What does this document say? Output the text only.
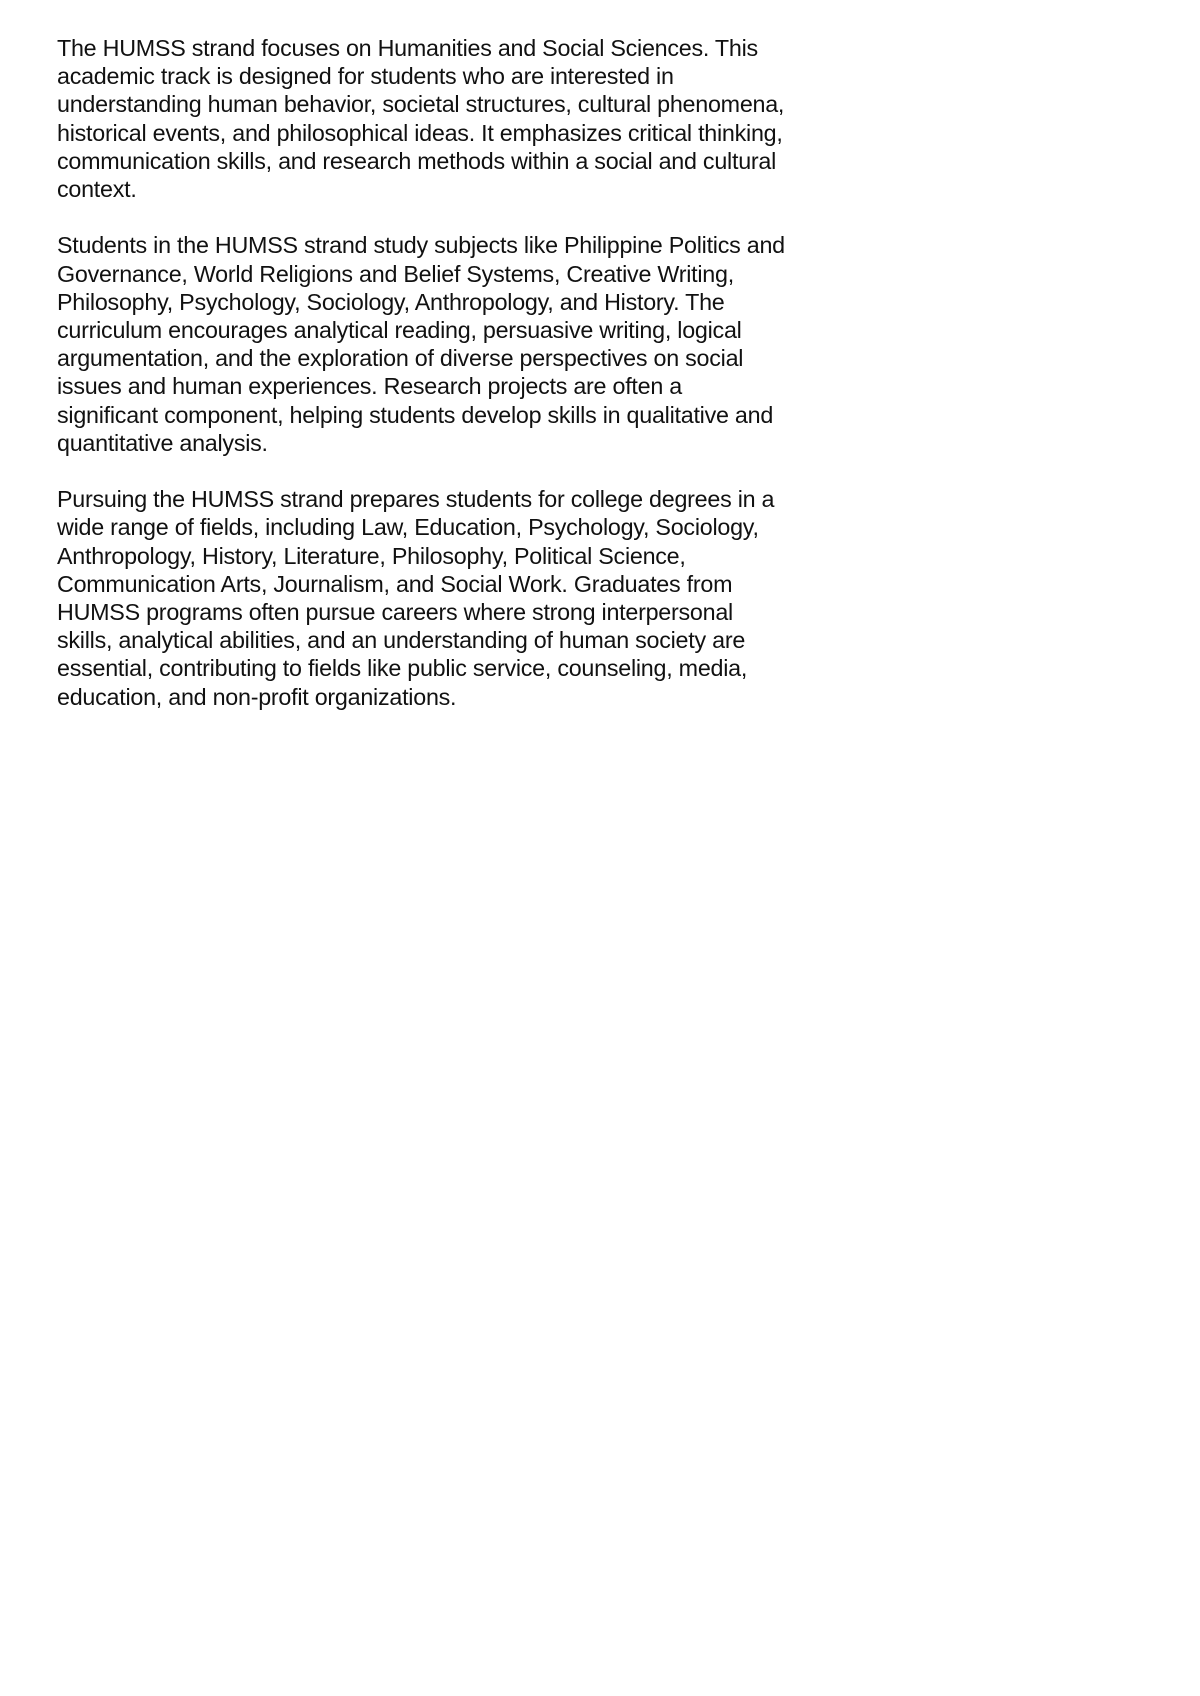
The HUMSS strand focuses on Humanities and Social Sciences. This
academic track is designed for students who are interested in
understanding human behavior, societal structures, cultural phenomena,
historical events, and philosophical ideas. It emphasizes critical thinking,
communication skills, and research methods within a social and cultural
context.

Students in the HUMSS strand study subjects like Philippine Politics and
Governance, World Religions and Belief Systems, Creative Writing,
Philosophy, Psychology, Sociology, Anthropology, and History. The
curriculum encourages analytical reading, persuasive writing, logical
argumentation, and the exploration of diverse perspectives on social
issues and human experiences. Research projects are often a
significant component, helping students develop skills in qualitative and
quantitative analysis.

Pursuing the HUMSS strand prepares students for college degrees in a
wide range of fields, including Law, Education, Psychology, Sociology,
Anthropology, History, Literature, Philosophy, Political Science,
Communication Arts, Journalism, and Social Work. Graduates from
HUMSS programs often pursue careers where strong interpersonal
skills, analytical abilities, and an understanding of human society are
essential, contributing to fields like public service, counseling, media,
education, and non-profit organizations.
